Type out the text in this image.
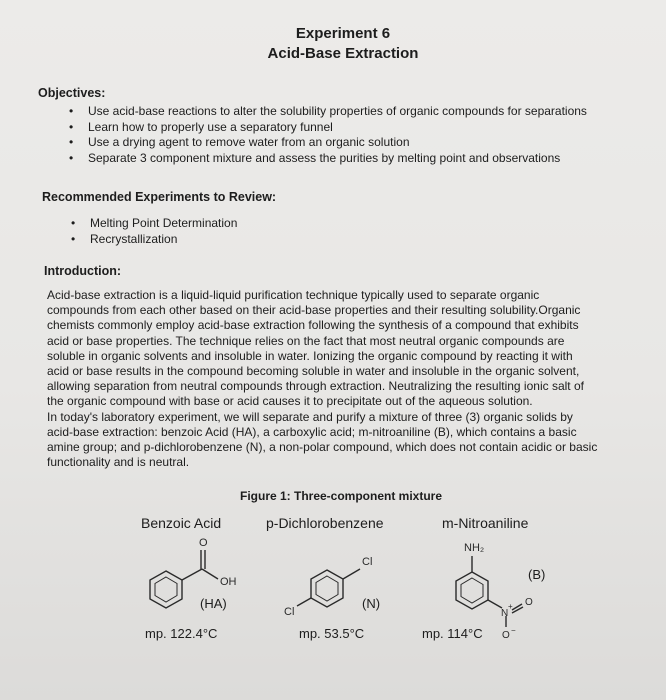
Experiment 6
Acid-Base Extraction
Objectives:
• Use acid-base reactions to alter the solubility properties of organic compounds for separations
• Learn how to properly use a separatory funnel
• Use a drying agent to remove water from an organic solution
• Separate 3 component mixture and assess the purities by melting point and observations
Recommended Experiments to Review:
• Melting Point Determination
• Recrystallization
Introduction:

Acid-base extraction is a liquid-liquid purification technique typically used to separate organic

compounds from each other based on their acid-base properties and their resulting solubility.Organic

chemists commonly employ acid-base extraction following the synthesis of a compound that exhibits

acid or base properties. The technique relies on the fact that most neutral organic compounds are

soluble in organic solvents and insoluble in water. Ionizing the organic compound by reacting it with

acid or base results in the compound becoming soluble in water and insoluble in the organic solvent,

allowing separation from neutral compounds through extraction. Neutralizing the resulting ionic salt of

the organic compound with base or acid causes it to precipitate out of the aqueous solution.

In today's laboratory experiment, we will separate and purify a mixture of three (3) organic solids by

acid-base extraction: benzoic Acid (HA), a carboxylic acid; m-nitroaniline (B), which contains a basic

amine group; and p-dichlorobenzene (N), a non-polar compound, which does not contain acidic or basic

functionality and is neutral.

Figure 1: Three-component mixture
Benzoic Acid
O
OH
(HA)
mp. 122.4°C
p-Dichlorobenzene
Cl
Cl
(N)
mp. 53.5°C
m-Nitroaniline
NH₂
N
+ O
O −
(B)
mp. 114°C
